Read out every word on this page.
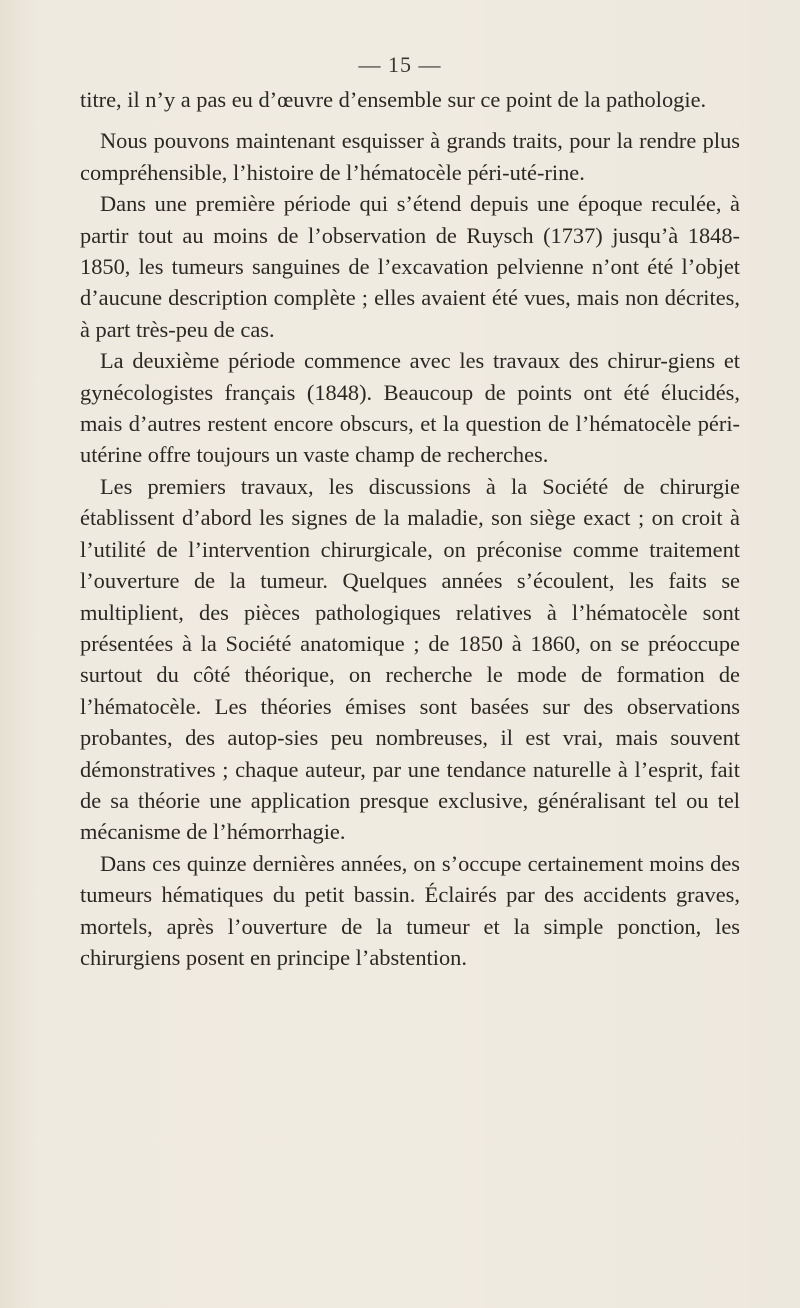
— 15 —

titre, il n’y a pas eu d’œuvre d’ensemble sur ce point de la pathologie.

Nous pouvons maintenant esquisser à grands traits, pour la rendre plus compréhensible, l’histoire de l’hématocèle péri-uté-rine.

Dans une première période qui s’étend depuis une époque reculée, à partir tout au moins de l’observation de Ruysch (1737) jusqu’à 1848-1850, les tumeurs sanguines de l’excavation pelvienne n’ont été l’objet d’aucune description complète ; elles avaient été vues, mais non décrites, à part très-peu de cas.

La deuxième période commence avec les travaux des chirur-giens et gynécologistes français (1848). Beaucoup de points ont été élucidés, mais d’autres restent encore obscurs, et la question de l’hématocèle péri-utérine offre toujours un vaste champ de recherches.

Les premiers travaux, les discussions à la Société de chirurgie établissent d’abord les signes de la maladie, son siège exact ; on croit à l’utilité de l’intervention chirurgicale, on préconise comme traitement l’ouverture de la tumeur. Quelques années s’écoulent, les faits se multiplient, des pièces pathologiques relatives à l’hématocèle sont présentées à la Société anatomique ; de 1850 à 1860, on se préoccupe surtout du côté théorique, on recherche le mode de formation de l’hématocèle. Les théories émises sont basées sur des observations probantes, des autop-sies peu nombreuses, il est vrai, mais souvent démonstratives ; chaque auteur, par une tendance naturelle à l’esprit, fait de sa théorie une application presque exclusive, généralisant tel ou tel mécanisme de l’hémorrhagie.

Dans ces quinze dernières années, on s’occupe certainement moins des tumeurs hématiques du petit bassin. Éclairés par des accidents graves, mortels, après l’ouverture de la tumeur et la simple ponction, les chirurgiens posent en principe l’abstention.
